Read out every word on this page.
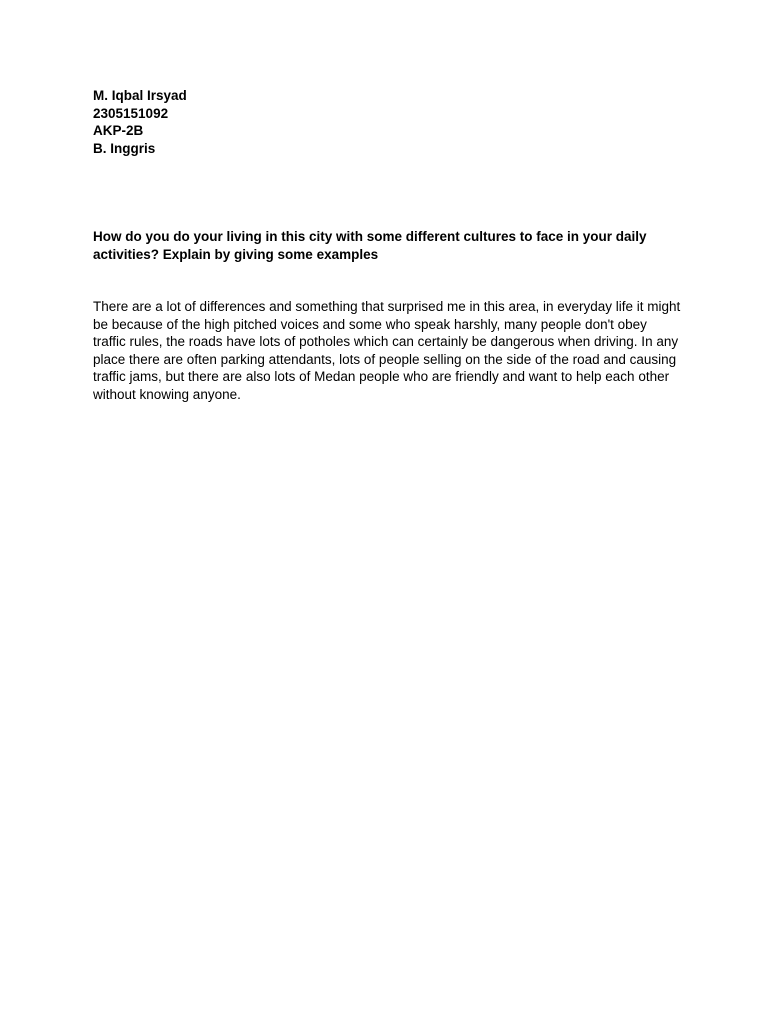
M. Iqbal Irsyad
2305151092
AKP-2B
B. Inggris
How do you do your living in this city with some different cultures to face in your daily activities? Explain by giving some examples
There are a lot of differences and something that surprised me in this area, in everyday life it might be because of the high pitched voices and some who speak harshly, many people don't obey traffic rules, the roads have lots of potholes which can certainly be dangerous when driving. In any place there are often parking attendants, lots of people selling on the side of the road and causing traffic jams, but there are also lots of Medan people who are friendly and want to help each other without knowing anyone.
